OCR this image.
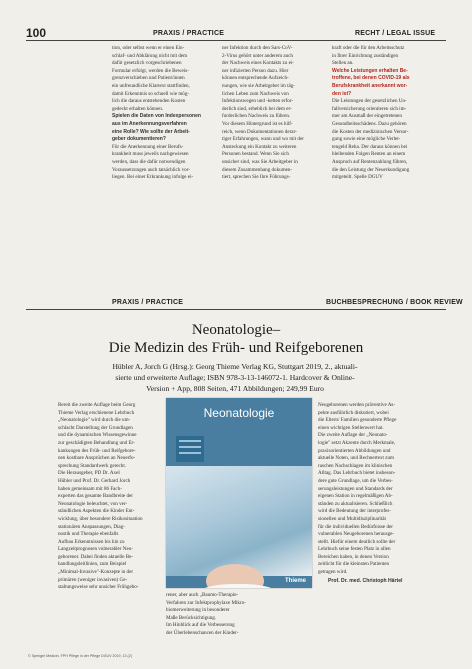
100	PRAXIS / PRACTICE	RECHT / LEGAL ISSUE

tion, oder selbst wenn er einen Ein-

schlaf- und Abklärung nicht mit dem

dafür gesetzlich vorgeschriebenen

Formular erfolgt, werden die Beweis-

grenzverschieben und Patient/innen

ein unfreundliche Klartext stattfinden,

damit Erkenntnis so schnell wie mög-

lich die daraus entstehenden Kosten

gedeckt erhalten können.

Spielen die Daten von Indexpersonen

aus im Anerkennungsverfahren

eine Rolle? Wie sollte der Arbeit-

geber dokumentieren?

Für die Anerkennung einer Berufs-

krankheit muss jeweils nachgewiesen

werden, dass die dafür notwendigen

Voraussetzungen auch tatsächlich vor-

liegen. Bei einer Erkrankung infolge ei-

ner Infektion durch den Sars-CoV-

2-Virus gehört unter anderem auch

der Nachweis eines Kontakts zu ei-

ner infizierten Person dazu. Hier

können entsprechende Aufzeich-

nungen, wie sie Arbeitgeber im täg-

lichen Leben zum Nachweis von

Infektionswegen und -ketten erfor-

derlich sind, erheblich bei dem er-

forderlichen Nachweis zu führen.

Vor diesem Hintergrund ist es hilf-

reich, wenn Dokumentationen derar-

tiger Erfahrungen, wann und wo mit der

Ansteckung ein Kontakt zu weiteren

Personen bestand. Wenn Sie sich

unsicher sind, was Sie Arbeitgeber in

diesem Zusammenhang dokumen-

tiert, sprechen Sie Ihre Führungs-

kraft oder die für den Arbeitsschutz

in Ihrer Einrichtung zuständigen

Stellen an.

Welche Leistungen erhalten Be-

troffene, bei denen COVID-19 als

Berufskrankheit anerkannt wor-

den ist?

Die Leistungen der gesetzlichen Un-

fallversicherung orientieren sich im-

mer am Ausmaß der eingetretenen

Gesundheitsschädens. Dazu gehören

die Kosten der medizinischen Versor-

gung sowie eine mögliche Verlet-

tengeld Reha. Der daraus können bei

bleibenden Folgen Renten an einem

Anspruch auf Rentenzahlung führen,

die den Leistung der Neuerkundigung

mitgeteilt. Spelle DGUV

PRAXIS / PRACTICE	BUCHBESPRECHUNG / BOOK REVIEW
Neonatologie–
Die Medizin des Früh- und Reifgeborenen
Hübler A, Jorch G (Hrsg.): Georg Thieme Verlag KG, Stuttgart 2019, 2., aktuali-
sierte und erweiterte Auflage; ISBN 978-3-13-146072-1. Hardcover & Online-
Version + App, 808 Seiten, 471 Abbildungen; 249,99 Euro

Bereit die zweite Auflage beim Georg

Thieme Verlag erschienene Lehrbuch

„Neonatologie" wird durch die um-

schlacht Darstellung der Grundlagen

und die dynamischen Wissensgewinne

zur geschädigten Behandlung und Er-

kankungen des Früh- und Reifgebore-

nen kostbare Ansprüchen an Neuerfo-

sprechung Standardwerk gerecht.

Die Herausgeber, PD Dr. Axel

Hübler und Prof. Dr. Gerhard Jorch

haben gemeinsam mit 86 Fach-

experten das gesamte Bandbreite der

Neonatologie beleuchtet, von ver-

ständlichen Aspekten die Kinder Ent-

wicklung, über besondere Risikosituation

stationären Anspassungen, Diag-

nostik und Therapie ebenfalls

Aufbau Erkenntnissen bis hin zu

Langzeitprognosen vulnerabler Neu-

geborener. Dabei finden aktuelle Be-

handlungsleitlinien, zum Beispiel

„Minimal-Invasive"-Konzepte in der

primären (weniger invasiven) Ge-

staltungsweise sehr unsicher Frühgebo-

Neonatologie
Thieme

rener, aber auch „Baumo-Therapie-

Verfahren zur Infektprophylaxe Mikro-

biomerweiterung in besonderer

Maße Berücksichtigung.

Im Hinblick auf die Verbesserung

der Überlebenschancen der Kinder-

Neugeborenen werden präventive As-

pekte ausführlich diskutiert, wobei

die Eltern/ Familien gesonderte Pflege

einen wichtigen Stellenwert hat.

Die zweite Auflage der „Neonato-

logie" setzt Akzente durch Merkmale,

praxisorientierten Abbildungen und

aktuelle Noten, und Rechnertext zum

raschen Nachschlagen im klinischen

Alltag. Das Lehrbuch bietet insbeson-

dere gute Grundlage, um die Verbes-

serungsleistungen und Standards der

eigenen Station in regelmäßigen Ab-

ständen zu aktualisieren. Schließlich

wird die Bedeutung der interprofes-

sionellen und Multidisziplinarität

für die individuellen Bedürfnisse der

vulnerablen Neugeborenen herausge-

stellt. Hiefür einem deutlich sollte der

Lehrbuch seine festen Platz in allen

Bereichen haben, in denen Version

zeitlicht für die kleinsten Patienten

getragen wird.

Prof. Dr. med. Christoph Härtel
© Springer Medizin. FPH Pflege in der Pflege DGUV 2019, 13 (2)
